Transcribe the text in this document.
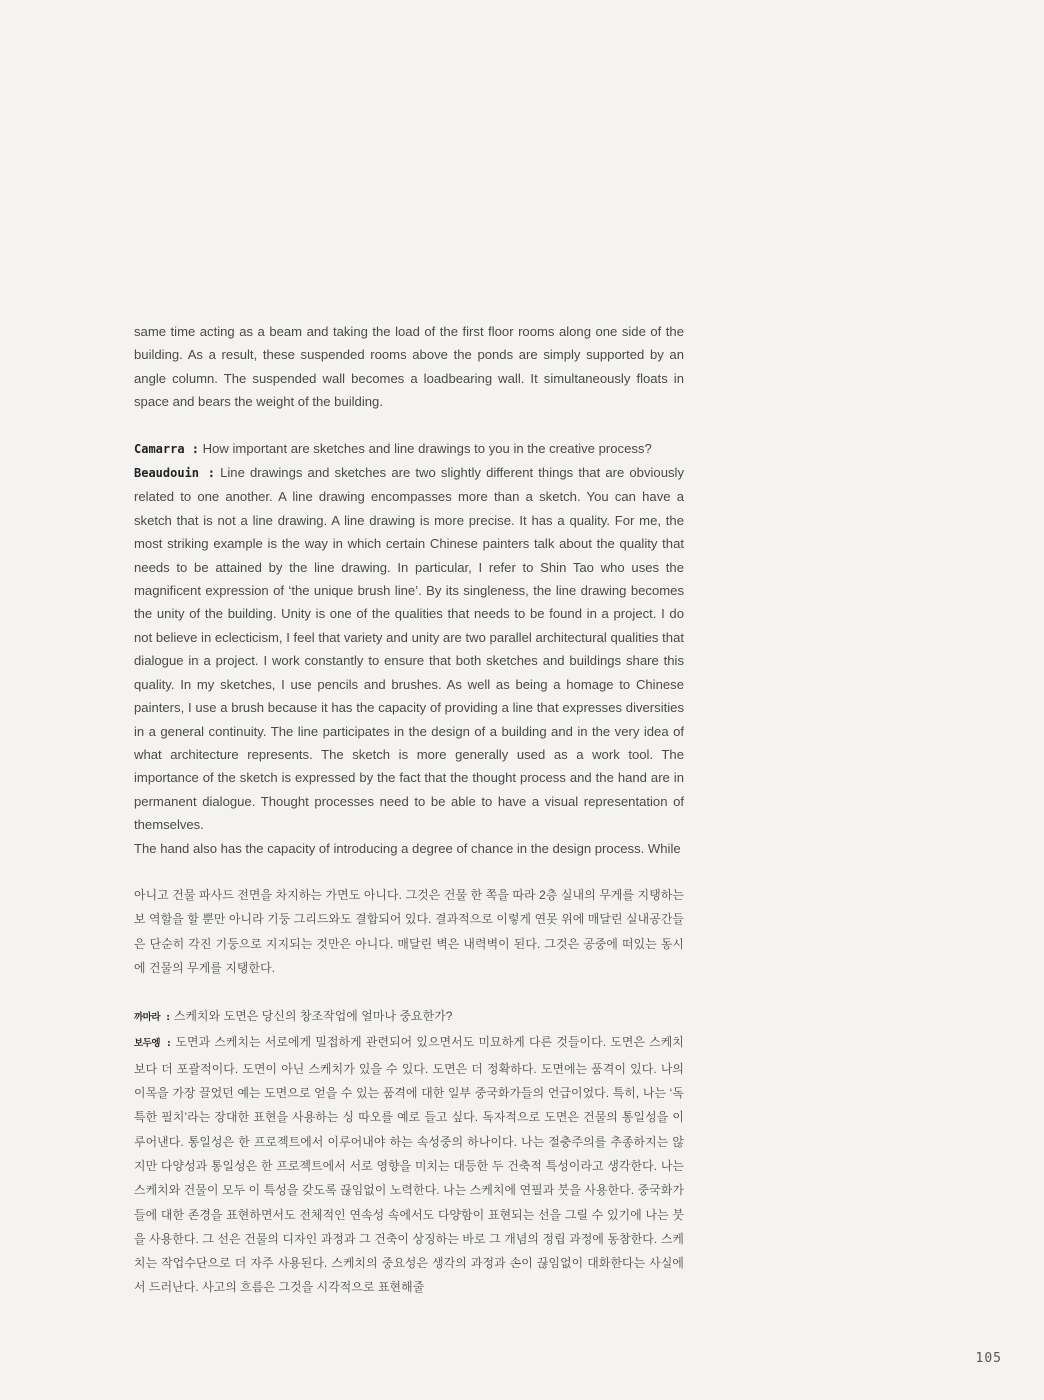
same time acting as a beam and taking the load of the first floor rooms along one side of the building. As a result, these suspended rooms above the ponds are simply supported by an angle column. The suspended wall becomes a loadbearing wall. It simultaneously floats in space and bears the weight of the building.

Camarra : How important are sketches and line drawings to you in the creative process?

Beaudouin : Line drawings and sketches are two slightly different things that are obviously related to one another. A line drawing encompasses more than a sketch. You can have a sketch that is not a line drawing. A line drawing is more precise. It has a quality. For me, the most striking example is the way in which certain Chinese painters talk about the quality that needs to be attained by the line drawing. In particular, I refer to Shin Tao who uses the magnificent expression of ‘the unique brush line’. By its singleness, the line drawing becomes the unity of the building. Unity is one of the qualities that needs to be found in a project. I do not believe in eclecticism, I feel that variety and unity are two parallel architectural qualities that dialogue in a project. I work constantly to ensure that both sketches and buildings share this quality. In my sketches, I use pencils and brushes. As well as being a homage to Chinese painters, I use a brush because it has the capacity of providing a line that expresses diversities in a general continuity. The line participates in the design of a building and in the very idea of what architecture represents. The sketch is more generally used as a work tool. The importance of the sketch is expressed by the fact that the thought process and the hand are in permanent dialogue. Thought processes need to be able to have a visual representation of themselves.

The hand also has the capacity of introducing a degree of chance in the design process. While

아니고 건물 파사드 전면을 차지하는 가면도 아니다. 그것은 건물 한 쪽을 따라 2층 실내의 무게를 지탱하는 보 역할을 할 뿐만 아니라 기둥 그리드와도 결합되어 있다. 결과적으로 이렇게 연못 위에 매달린 실내공간들은 단순히 각진 기둥으로 지지되는 것만은 아니다. 매달린 벽은 내력벽이 된다. 그것은 공중에 떠있는 동시에 건물의 무게를 지탱한다.

까마라 : 스케치와 도면은 당신의 창조작업에 얼마나 중요한가?

보두엥 : 도면과 스케치는 서로에게 밀접하게 관련되어 있으면서도 미묘하게 다른 것들이다. 도면은 스케치보다 더 포괄적이다. 도면이 아닌 스케치가 있을 수 있다. 도면은 더 정확하다. 도면에는 품격이 있다. 나의 이목을 가장 끌었던 예는 도면으로 얻을 수 있는 품격에 대한 일부 중국화가들의 언급이었다. 특히, 나는 ‘독특한 필치’라는 장대한 표현을 사용하는 싱 따오를 예로 들고 싶다. 독자적으로 도면은 건물의 통일성을 이루어낸다. 통일성은 한 프로젝트에서 이루어내야 하는 속성중의 하나이다. 나는 절충주의를 추종하지는 않지만 다양성과 통일성은 한 프로젝트에서 서로 영향을 미치는 대등한 두 건축적 특성이라고 생각한다. 나는 스케치와 건물이 모두 이 특성을 갖도록 끊임없이 노력한다. 나는 스케치에 연필과 붓을 사용한다. 중국화가들에 대한 존경을 표현하면서도 전체적인 연속성 속에서도 다양함이 표현되는 선을 그릴 수 있기에 나는 붓을 사용한다. 그 선은 건물의 디자인 과정과 그 건축이 상징하는 바로 그 개념의 정립 과정에 동참한다. 스케치는 작업수단으로 더 자주 사용된다. 스케치의 중요성은 생각의 과정과 손이 끊임없이 대화한다는 사실에서 드러난다. 사고의 흐름은 그것을 시각적으로 표현해줄

105
